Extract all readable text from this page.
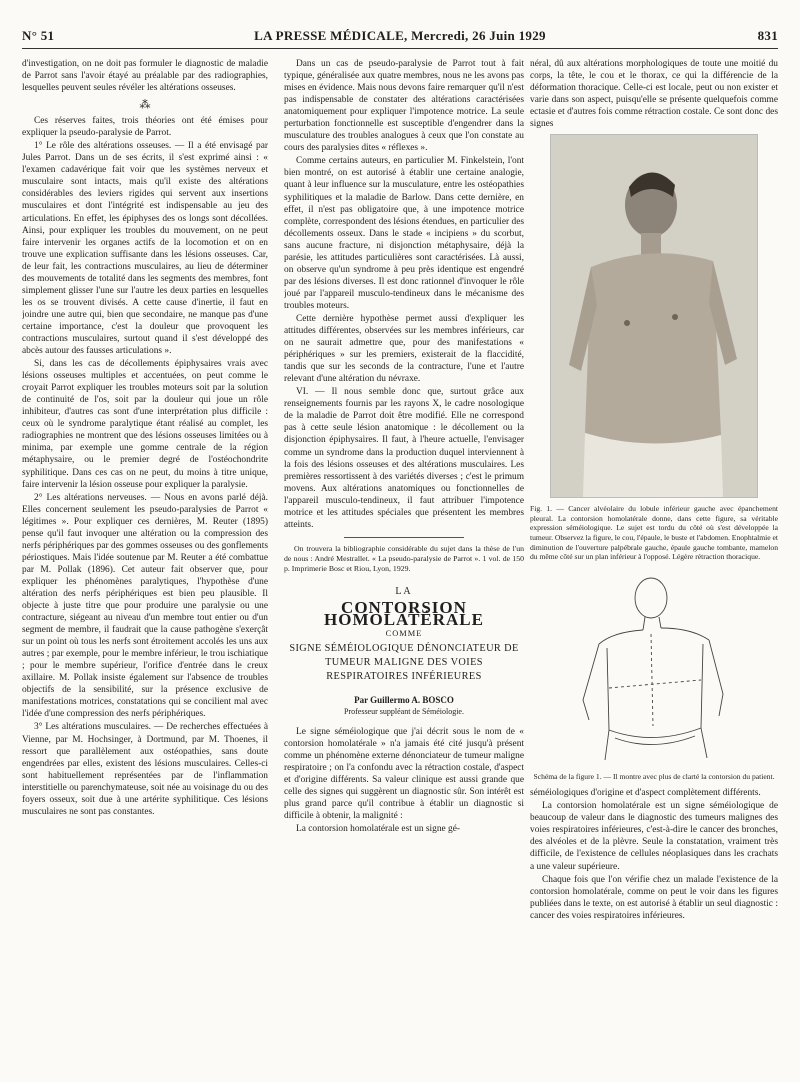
N° 51	LA PRESSE MÉDICALE, Mercredi, 26 Juin 1929	831

d'investigation, on ne doit pas formuler le diagnostic de maladie de Parrot sans l'avoir étayé au préalable par des radiographies, lesquelles peuvent seules révéler les altérations osseuses.

⁂

Ces réserves faites, trois théories ont été émises pour expliquer la pseudo-paralysie de Parrot.

1° Le rôle des altérations osseuses. — Il a été envisagé par Jules Parrot. Dans un de ses écrits, il s'est exprimé ainsi : « l'examen cadavérique fait voir que les systèmes nerveux et musculaire sont intacts, mais qu'il existe des altérations considérables des leviers rigides qui servent aux insertions musculaires et dont l'intégrité est indispensable au jeu des articulations. En effet, les épiphyses des os longs sont décollées. Ainsi, pour expliquer les troubles du mouvement, on ne peut faire intervenir les organes actifs de la locomotion et on en trouve une explication suffisante dans les lésions osseuses. Car, de leur fait, les contractions musculaires, au lieu de déterminer des mouvements de totalité dans les segments des membres, font simplement glisser l'une sur l'autre les deux parties en lesquelles les os se trouvent divisés. A cette cause d'inertie, il faut en joindre une autre qui, bien que secondaire, ne manque pas d'une certaine importance, c'est la douleur que provoquent les contractions musculaires, surtout quand il s'est développé des abcès autour des fausses articulations ».

Si, dans les cas de décollements épiphysaires vrais avec lésions osseuses multiples et accentuées, on peut comme le croyait Parrot expliquer les troubles moteurs soit par la solution de continuité de l'os, soit par la douleur qui joue un rôle inhibiteur, d'autres cas sont d'une interprétation plus difficile : ceux où le syndrome paralytique étant réalisé au complet, les radiographies ne montrent que des lésions osseuses limitées ou à minima, par exemple une gomme centrale de la région métaphysaire, ou le premier degré de l'ostéochondrite syphilitique. Dans ces cas on ne peut, du moins à titre unique, faire intervenir la lésion osseuse pour expliquer la paralysie.

2° Les altérations nerveuses. — Nous en avons parlé déjà. Elles concernent seulement les pseudo-paralysies de Parrot « légitimes ». Pour expliquer ces dernières, M. Reuter (1895) pense qu'il faut invoquer une altération ou la compression des nerfs périphériques par des gommes osseuses ou des gonflements périostiques. Mais l'idée soutenue par M. Reuter a été combattue par M. Pollak (1896). Cet auteur fait observer que, pour expliquer les phénomènes paralytiques, l'hypothèse d'une altération des nerfs périphériques est bien peu plausible. Il objecte à juste titre que pour produire une paralysie ou une contracture, siégeant au niveau d'un membre tout entier ou d'un segment de membre, il faudrait que la cause pathogène s'exerçât sur un point où tous les nerfs sont étroitement accolés les uns aux autres ; par exemple, pour le membre inférieur, le trou ischiatique ; pour le membre supérieur, l'orifice d'entrée dans le creux axillaire. M. Pollak insiste également sur l'absence de troubles objectifs de la sensibilité, sur la présence exclusive de manifestations motrices, constatations qui se concilient mal avec l'idée d'une compression des nerfs périphériques.

3° Les altérations musculaires. — De recherches effectuées à Vienne, par M. Hochsinger, à Dortmund, par M. Thoenes, il ressort que parallèlement aux ostéopathies, sans doute engendrées par elles, existent des lésions musculaires. Celles-ci sont habituellement représentées par de l'inflammation interstitielle ou parenchymateuse, soit née au voisinage du ou des foyers osseux, soit due à une artérite syphilitique. Ces lésions musculaires ne sont pas constantes.

Dans un cas de pseudo-paralysie de Parrot tout à fait typique, généralisée aux quatre membres, nous ne les avons pas mises en évidence. Mais nous devons faire remarquer qu'il n'est pas indispensable de constater des altérations caractérisées anatomiquement pour expliquer l'impotence motrice. La seule perturbation fonctionnelle est susceptible d'engendrer dans la musculature des troubles analogues à ceux que l'on constate au cours des paralysies dites « réflexes ».

Comme certains auteurs, en particulier M. Finkelstein, l'ont bien montré, on est autorisé à établir une certaine analogie, quant à leur influence sur la musculature, entre les ostéopathies syphilitiques et la maladie de Barlow. Dans cette dernière, en effet, il n'est pas obligatoire que, à une impotence motrice complète, correspondent des lésions étendues, en particulier des décollements osseux. Dans le stade « incipiens » du scorbut, sans aucune fracture, ni disjonction métaphysaire, déjà la parésie, les attitudes particulières sont caractérisées. Là aussi, on observe qu'un syndrome à peu près identique est engendré par des lésions diverses. Il est donc rationnel d'invoquer le rôle joué par l'appareil musculo-tendineux dans le mécanisme des troubles moteurs.

Cette dernière hypothèse permet aussi d'expliquer les attitudes différentes, observées sur les membres inférieurs, car on ne saurait admettre que, pour des manifestations « périphériques » sur les premiers, existerait de la flaccidité, tandis que sur les seconds de la contracture, l'une et l'autre relevant d'une altération du névraxe.

VI. — Il nous semble donc que, surtout grâce aux renseignements fournis par les rayons X, le cadre nosologique de la maladie de Parrot doit être modifié. Elle ne correspond pas à cette seule lésion anatomique : le décollement ou la disjonction épiphysaires. Il faut, à l'heure actuelle, l'envisager comme un syndrome dans la production duquel interviennent à la fois des lésions osseuses et des altérations musculaires. Les premières ressortissent à des variétés diverses ; c'est le primum movens. Aux altérations anatomiques ou fonctionnelles de l'appareil musculo-tendineux, il faut attribuer l'impotence motrice et les attitudes spéciales que présentent les membres atteints.

On trouvera la bibliographie considérable du sujet dans la thèse de l'un de nous : André Mestrallet. « La pseudo-paralysie de Parrot ». 1 vol. de 150 p. Imprimerie Bosc et Riou, Lyon, 1929.
LA
CONTORSION HOMOLATÉRALE
COMME
SIGNE SÉMÉIOLOGIQUE DÉNONCIATEUR DE TUMEUR MALIGNE DES VOIES RESPIRATOIRES INFÉRIEURES
Par Guillermo A. BOSCO
Professeur suppléant de Séméiologie.

Le signe séméiologique que j'ai décrit sous le nom de « contorsion homolatérale » n'a jamais été cité jusqu'à présent comme un phénomène externe dénonciateur de tumeur maligne respiratoire ; on l'a confondu avec la rétraction costale, d'aspect et d'origine différents. Sa valeur clinique est aussi grande que celle des signes qui suggèrent un diagnostic sûr. Son intérêt est plus grand parce qu'il contribue à établir un diagnostic si difficile à obtenir, la malignité :

La contorsion homolatérale est un signe gé-

néral, dû aux altérations morphologiques de toute une moitié du corps, la tête, le cou et le thorax, ce qui la différencie de la déformation thoracique. Celle-ci est locale, peut ou non exister et varie dans son aspect, puisqu'elle se présente quelquefois comme ectasie et d'autres fois comme rétraction costale. Ce sont donc des signes

Fig. 1. — Cancer alvéolaire du lobule inférieur gauche avec épanchement pleural. La contorsion homolatérale donne, dans cette figure, sa véritable expression séméiologique. Le sujet est tordu du côté où s'est développée la tumeur. Observez la figure, le cou, l'épaule, le buste et l'abdomen. Enophtalmie et diminution de l'ouverture palpébrale gauche, épaule gauche tombante, mamelon du même côté sur un plan inférieur à l'opposé. Légère rétraction thoracique.
Schéma de la figure 1. — Il montre avec plus de clarté la contorsion du patient.

séméiologiques d'origine et d'aspect complètement différents.

La contorsion homolatérale est un signe séméiologique de beaucoup de valeur dans le diagnostic des tumeurs malignes des voies respiratoires inférieures, c'est-à-dire le cancer des bronches, des alvéoles et de la plèvre. Seule la constatation, vraiment très difficile, de l'existence de cellules néoplasiques dans les crachats a une valeur supérieure.

Chaque fois que l'on vérifie chez un malade l'existence de la contorsion homolatérale, comme on peut le voir dans les figures publiées dans le texte, on est autorisé à établir un seul diagnostic : cancer des voies respiratoires inférieures.
